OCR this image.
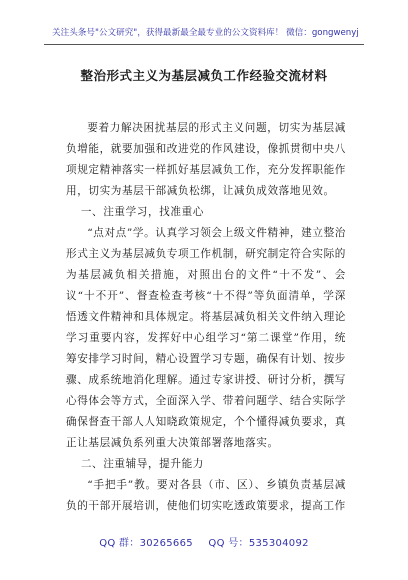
关注头条号"公文研究"，获得最新最全最专业的公文资料库！ 微信：gongwenyj
整治形式主义为基层减负工作经验交流材料

要着力解决困扰基层的形式主义问题，切实为基层减负增能，就要加强和改进党的作风建设，像抓贯彻中央八项规定精神落实一样抓好基层减负工作，充分发挥职能作用，切实为基层干部减负松绑，让减负成效落地见效。

一、注重学习，找准重心

“点对点”学。认真学习领会上级文件精神，建立整治形式主义为基层减负专项工作机制，研究制定符合实际的为基层减负相关措施，对照出台的文件“十不发”、会议“十不开”、督查检查考核“十不得”等负面清单，学深悟透文件精神和具体规定。将基层减负相关文件纳入理论学习重要内容，发挥好中心组学习“第二课堂”作用，统筹安排学习时间，精心设置学习专题，确保有计划、按步骤、成系统地消化理解。通过专家讲授、研讨分析，撰写心得体会等方式，全面深入学、带着问题学、结合实际学确保督查干部人人知晓政策规定，个个懂得减负要求，真正让基层减负系列重大决策部署落地落实。

二、注重辅导，提升能力

“手把手”教。要对各县（市、区）、乡镇负责基层减负的干部开展培训，使他们切实吃透政策要求，提高工作

QQ 群：30265665 QQ 号：535304092
